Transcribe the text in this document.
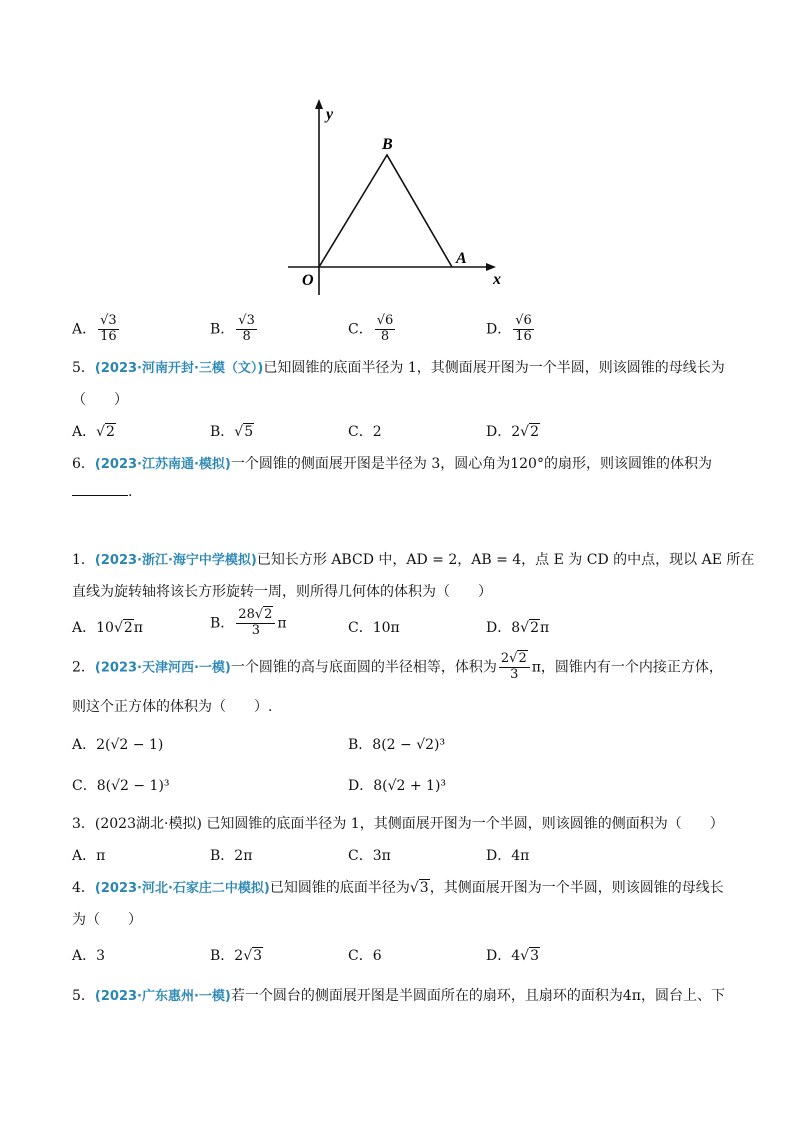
y
B
A
O	x
A． $\frac{√3}{16}$	B． $\frac{√3}{8}$	C． $\frac{√6}{8}$	D． $\frac{√6}{16}$
5．(2023·河南开封·三模（文）)已知圆锥的底面半径为 1，其侧面展开图为一个半圆，则该圆锥的母线长为
（　　）
A．√2	B．√5	C．2	D．2√2
6．(2023·江苏南通·模拟)一个圆锥的侧面展开图是半径为 3，圆心角为120°的扇形，则该圆锥的体积为
.
1．(2023·浙江·海宁中学模拟)已知长方形 ABCD 中，AD = 2，AB = 4，点 E 为 CD 的中点，现以 AE 所在
直线为旋转轴将该长方形旋转一周，则所得几何体的体积为（　　）
A．10√2π	B． $\frac{28√2}{3}$ π	C．10π	D．8√2π
2．(2023·天津河西·一模)一个圆锥的高与底面圆的半径相等，体积为 $\frac{2√2}{3}$ π，圆锥内有一个内接正方体，
则这个正方体的体积为（　　）.
A．2(√2 − 1)	B．8(2 − √2)³
C．8(√2 − 1)³	D．8(√2 + 1)³
3．(2023湖北·模拟) 已知圆锥的底面半径为 1，其侧面展开图为一个半圆，则该圆锥的侧面积为（　　）
A．π	B．2π	C．3π	D．4π
4．(2023·河北·石家庄二中模拟)已知圆锥的底面半径为√3，其侧面展开图为一个半圆，则该圆锥的母线长
为（　　）
A．3	B．2√3	C．6	D．4√3
5．(2023·广东惠州·一模)若一个圆台的侧面展开图是半圆面所在的扇环，且扇环的面积为4π，圆台上、下
